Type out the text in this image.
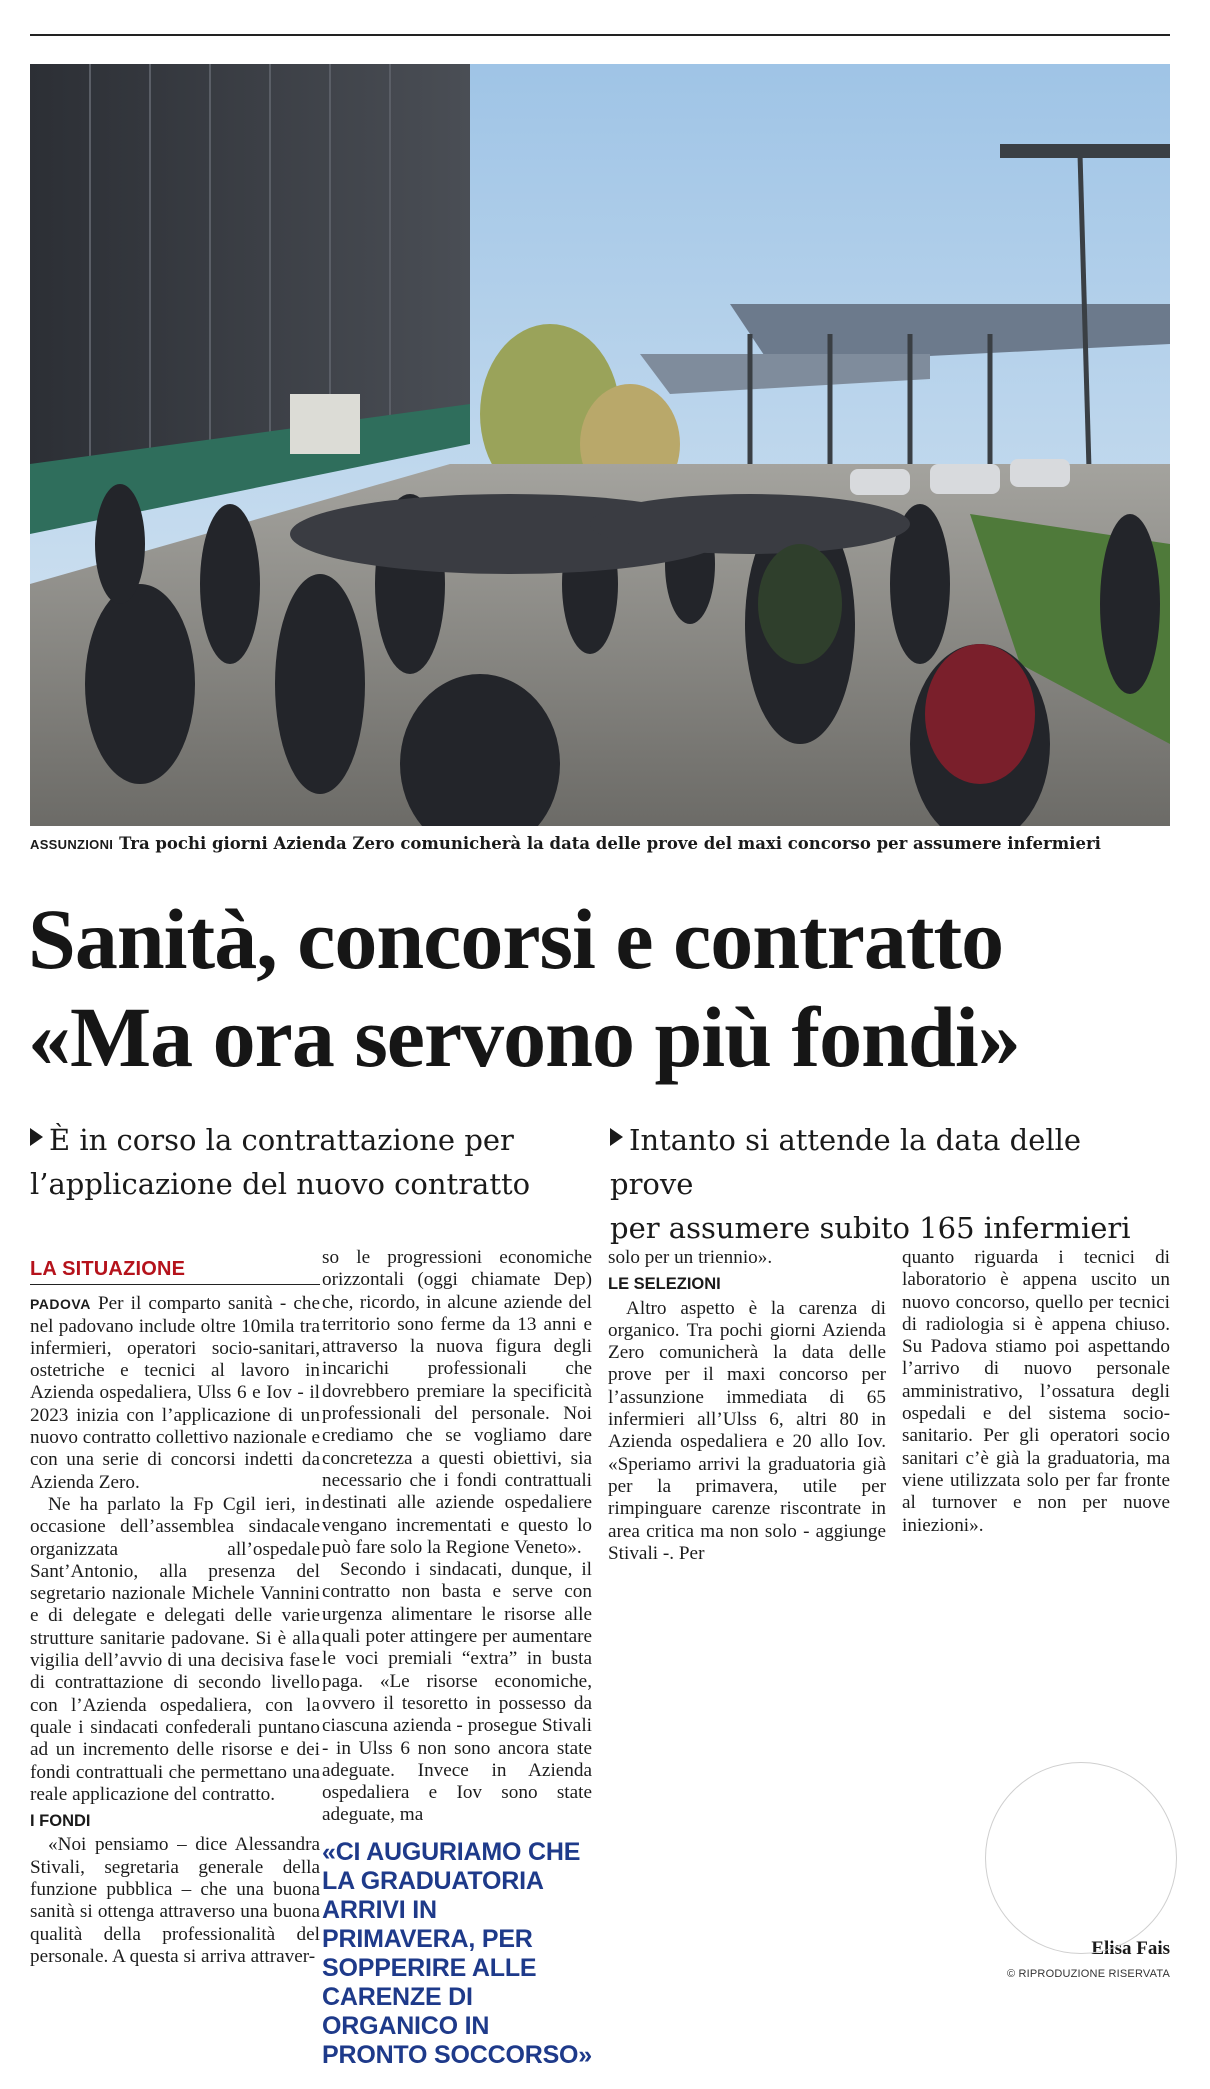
ASSUNZIONI Tra pochi giorni Azienda Zero comunicherà la data delle prove del maxi concorso per assumere infermieri
Sanità, concorsi e contratto
«Ma ora servono più fondi»
È in corso la contrattazione per
l’applicazione del nuovo contratto
Intanto si attende la data delle prove
per assumere subito 165 infermieri
LA SITUAZIONE

PADOVA Per il comparto sanità - che nel padovano include oltre 10mila tra infermieri, operatori socio-sanitari, ostetriche e tecnici al lavoro in Azienda ospedaliera, Ulss 6 e Iov - il 2023 inizia con l’applicazione di un nuovo contratto collettivo nazionale e con una serie di concorsi indetti da Azienda Zero.

Ne ha parlato la Fp Cgil ieri, in occasione dell’assemblea sindacale organizzata all’ospedale Sant’Antonio, alla presenza del segretario nazionale Michele Vannini e di delegate e delegati delle varie strutture sanitarie padovane. Si è alla vigilia dell’avvio di una decisiva fase di contrattazione di secondo livello con l’Azienda ospedaliera, con la quale i sindacati confederali puntano ad un incremento delle risorse e dei fondi contrattuali che permettano una reale applicazione del contratto.

I FONDI

«Noi pensiamo – dice Alessandra Stivali, segretaria generale della funzione pubblica – che una buona sanità si ottenga attraverso una buona qualità della professionalità del personale. A questa si arriva attraver-

so le progressioni economiche orizzontali (oggi chiamate Dep) che, ricordo, in alcune aziende del territorio sono ferme da 13 anni e attraverso la nuova figura degli incarichi professionali che dovrebbero premiare la specificità professionali del personale. Noi crediamo che se vogliamo dare concretezza a questi obiettivi, sia necessario che i fondi contrattuali destinati alle aziende ospedaliere vengano incrementati e questo lo può fare solo la Regione Veneto».

Secondo i sindacati, dunque, il contratto non basta e serve con urgenza alimentare le risorse alle quali poter attingere per aumentare le voci premiali “extra” in busta paga. «Le risorse economiche, ovvero il tesoretto in possesso da ciascuna azienda - prosegue Stivali - in Ulss 6 non sono ancora state adeguate. Invece in Azienda ospedaliera e Iov sono state adeguate, ma

«CI AUGURIAMO CHE LA GRADUATORIA ARRIVI IN PRIMAVERA, PER SOPPERIRE ALLE CARENZE DI ORGANICO IN PRONTO SOCCORSO»

solo per un triennio».

LE SELEZIONI

Altro aspetto è la carenza di organico. Tra pochi giorni Azienda Zero comunicherà la data delle prove per il maxi concorso per l’assunzione immediata di 65 infermieri all’Ulss 6, altri 80 in Azienda ospedaliera e 20 allo Iov. «Speriamo arrivi la graduatoria già per la primavera, utile per rimpinguare carenze riscontrate in area critica ma non solo - aggiunge Stivali -. Per

quanto riguarda i tecnici di laboratorio è appena uscito un nuovo concorso, quello per tecnici di radiologia si è appena chiuso. Su Padova stiamo poi aspettando l’arrivo di nuovo personale amministrativo, l’ossatura degli ospedali e del sistema socio-sanitario. Per gli operatori socio sanitari c’è già la graduatoria, ma viene utilizzata solo per far fronte al turnover e non per nuove iniezioni».

Elisa Fais
© RIPRODUZIONE RISERVATA
